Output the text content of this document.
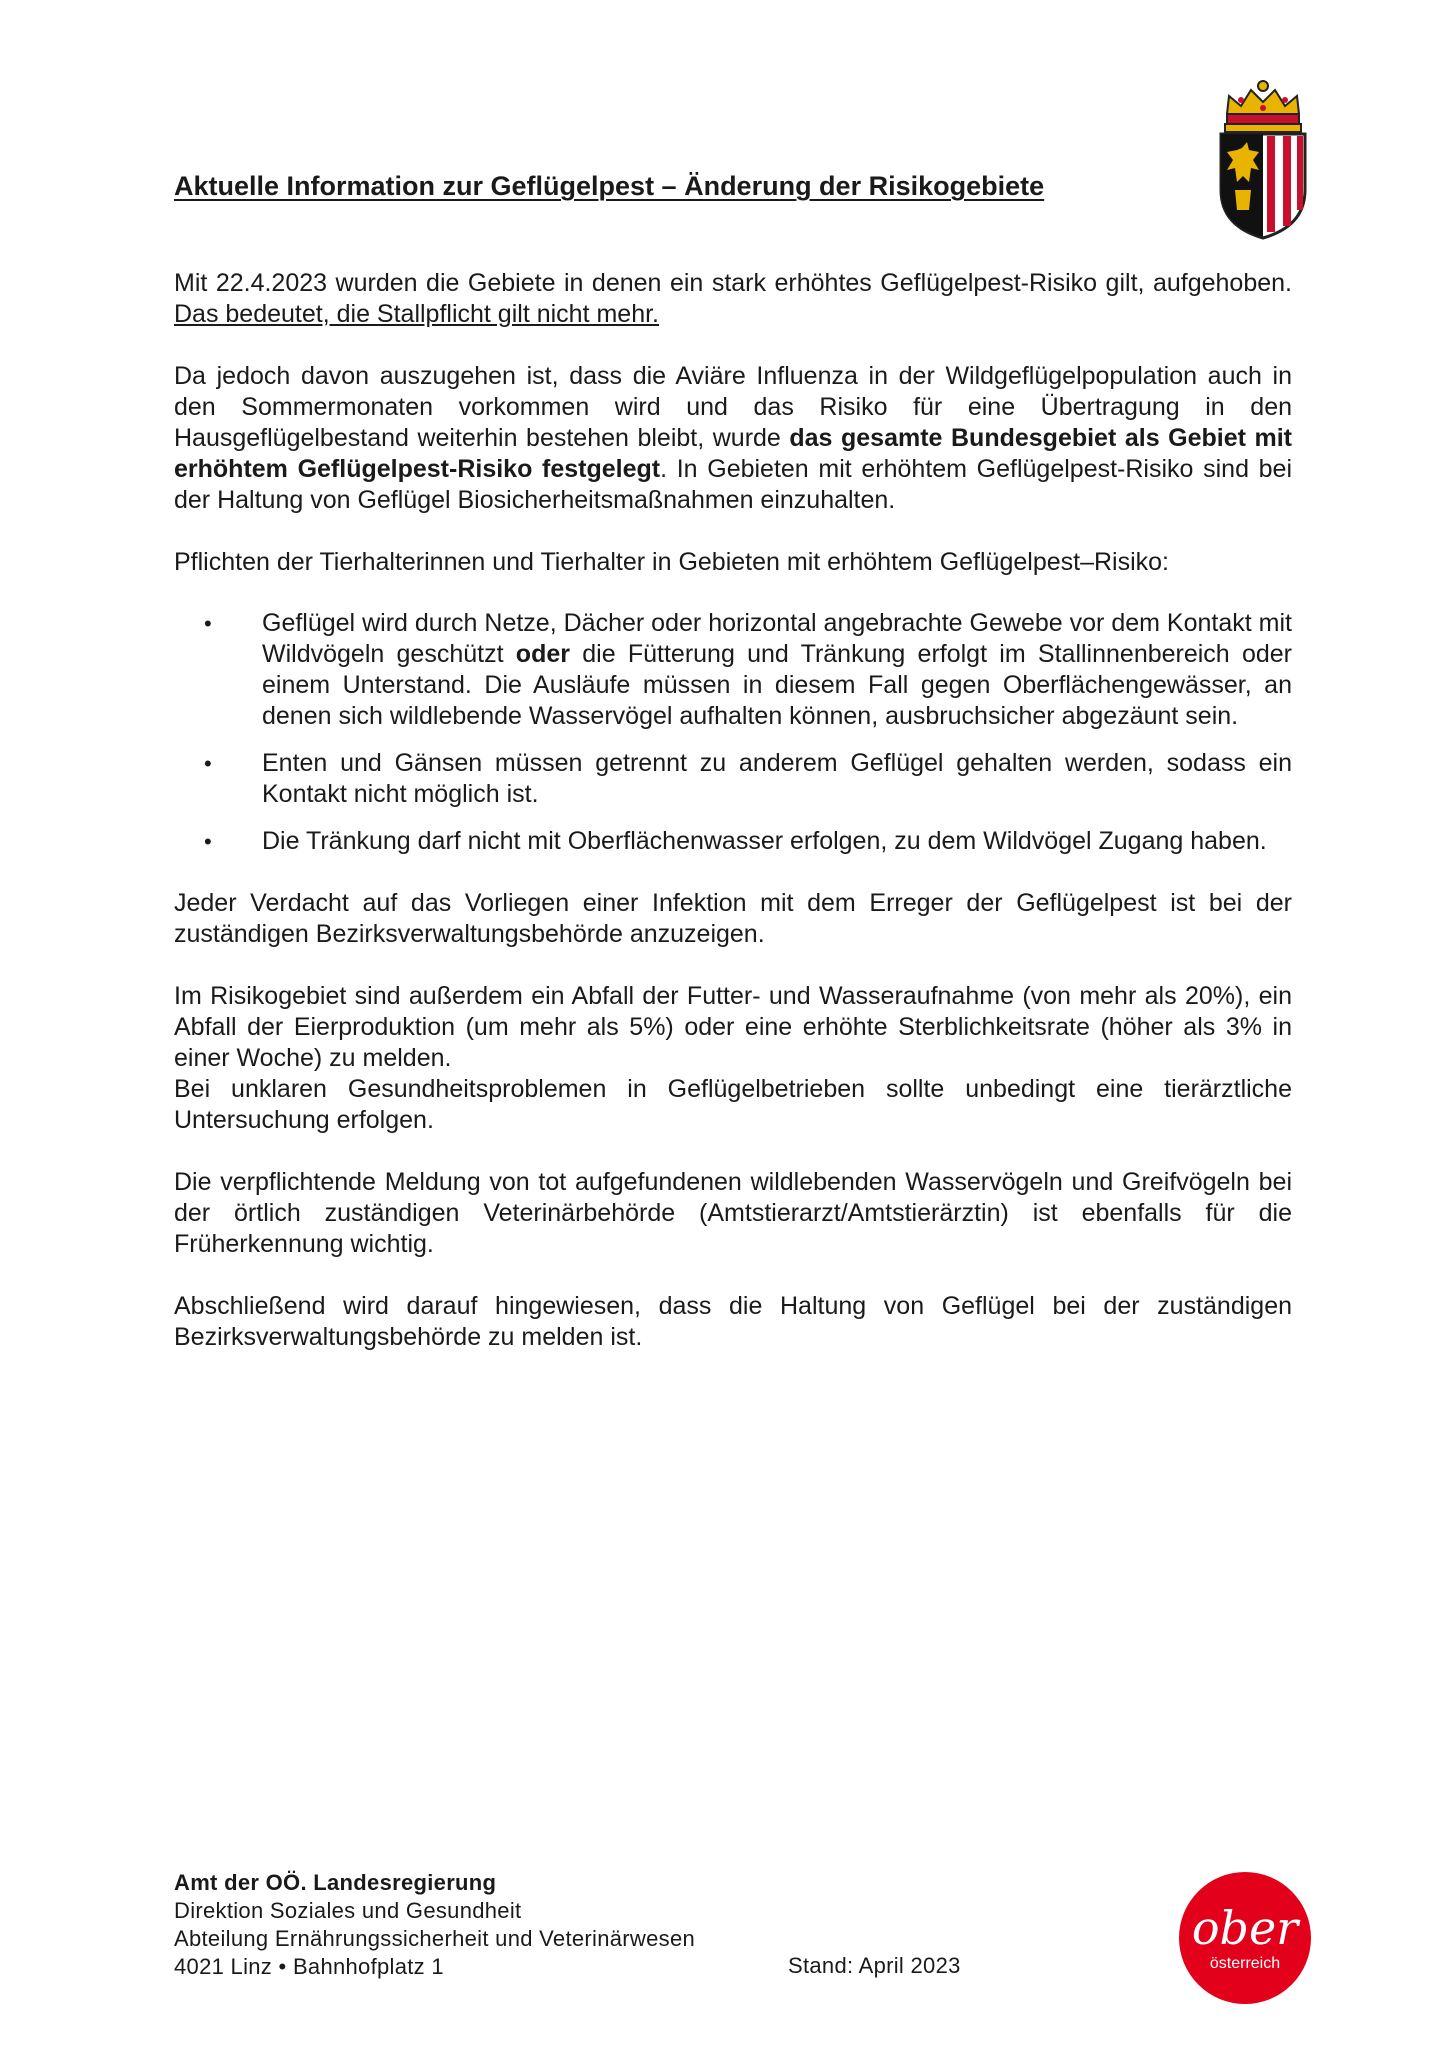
Aktuelle Information zur Geflügelpest – Änderung der Risikogebiete

Mit 22.4.2023 wurden die Gebiete in denen ein stark erhöhtes Geflügelpest-Risiko gilt, aufgehoben. Das bedeutet, die Stallpflicht gilt nicht mehr.

Da jedoch davon auszugehen ist, dass die Aviäre Influenza in der Wildgeflügelpopulation auch in den Sommermonaten vorkommen wird und das Risiko für eine Übertragung in den Hausgeflügelbestand weiterhin bestehen bleibt, wurde das gesamte Bundesgebiet als Gebiet mit erhöhtem Geflügelpest-Risiko festgelegt. In Gebieten mit erhöhtem Geflügelpest-Risiko sind bei der Haltung von Geflügel Biosicherheitsmaßnahmen einzuhalten.

Pflichten der Tierhalterinnen und Tierhalter in Gebieten mit erhöhtem Geflügelpest–Risiko:

• Geflügel wird durch Netze, Dächer oder horizontal angebrachte Gewebe vor dem Kontakt mit Wildvögeln geschützt oder die Fütterung und Tränkung erfolgt im Stallinnenbereich oder einem Unterstand. Die Ausläufe müssen in diesem Fall gegen Oberflächengewässer, an denen sich wildlebende Wasservögel aufhalten können, ausbruchsicher abgezäunt sein.
• Enten und Gänsen müssen getrennt zu anderem Geflügel gehalten werden, sodass ein Kontakt nicht möglich ist.
• Die Tränkung darf nicht mit Oberflächenwasser erfolgen, zu dem Wildvögel Zugang haben.

Jeder Verdacht auf das Vorliegen einer Infektion mit dem Erreger der Geflügelpest ist bei der zuständigen Bezirksverwaltungsbehörde anzuzeigen.

Im Risikogebiet sind außerdem ein Abfall der Futter- und Wasseraufnahme (von mehr als 20%), ein Abfall der Eierproduktion (um mehr als 5%) oder eine erhöhte Sterblichkeitsrate (höher als 3% in einer Woche) zu melden.

Bei unklaren Gesundheitsproblemen in Geflügelbetrieben sollte unbedingt eine tierärztliche Untersuchung erfolgen.

Die verpflichtende Meldung von tot aufgefundenen wildlebenden Wasservögeln und Greifvögeln bei der örtlich zuständigen Veterinärbehörde (Amtstierarzt/Amtstierärztin) ist ebenfalls für die Früherkennung wichtig.

Abschließend wird darauf hingewiesen, dass die Haltung von Geflügel bei der zuständigen Bezirksverwaltungsbehörde zu melden ist.

Amt der OÖ. Landesregierung
Direktion Soziales und Gesundheit
Abteilung Ernährungssicherheit und Veterinärwesen
4021 Linz • Bahnhofplatz 1	Stand: April 2023
ober
österreich
